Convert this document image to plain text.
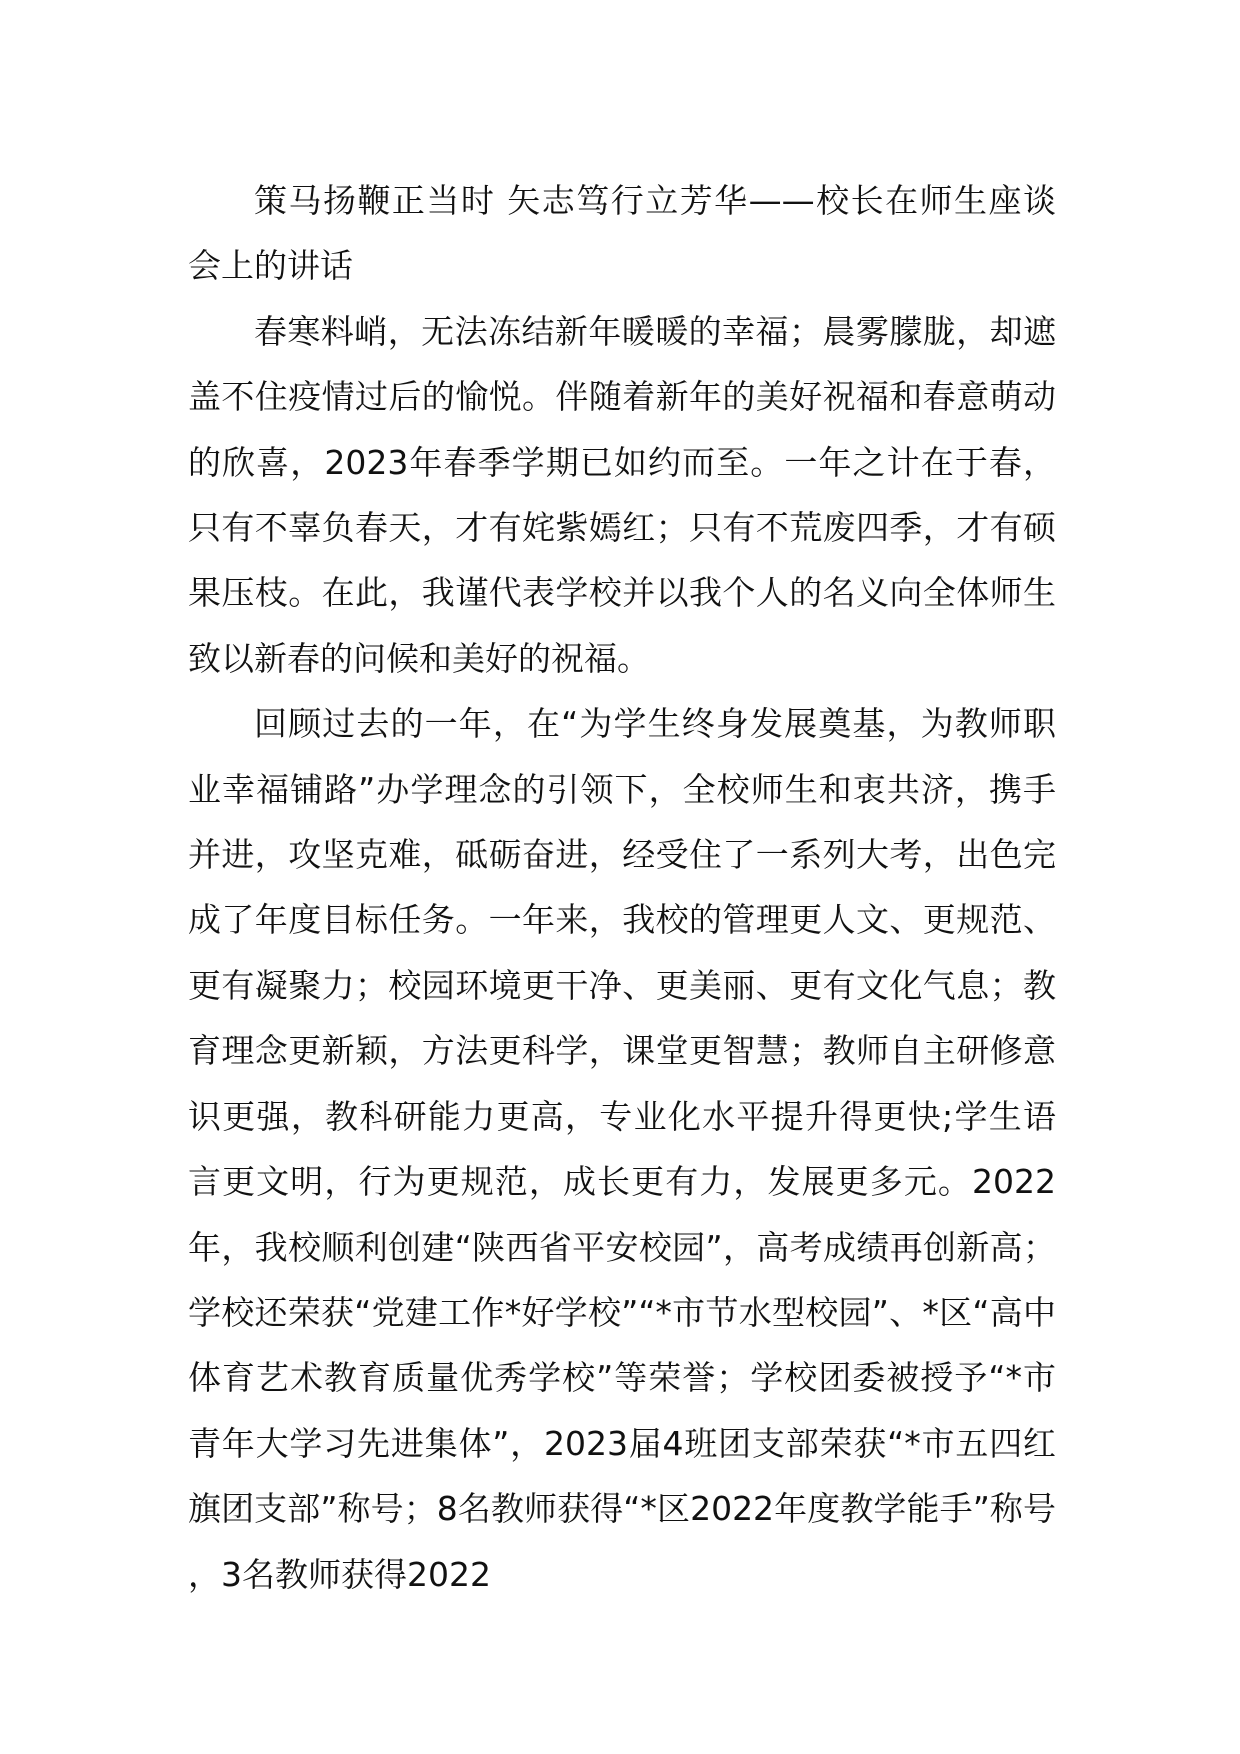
策马扬鞭正当时 矢志笃行立芳华——校长在师生座谈会上的讲话

春寒料峭，无法冻结新年暖暖的幸福；晨雾朦胧，却遮盖不住疫情过后的愉悦。伴随着新年的美好祝福和春意萌动的欣喜，2023年春季学期已如约而至。一年之计在于春，只有不辜负春天，才有姹紫嫣红；只有不荒废四季，才有硕果压枝。在此，我谨代表学校并以我个人的名义向全体师生致以新春的问候和美好的祝福。

回顾过去的一年，在“为学生终身发展奠基，为教师职业幸福铺路”办学理念的引领下，全校师生和衷共济，携手并进，攻坚克难，砥砺奋进，经受住了一系列大考，出色完成了年度目标任务。一年来，我校的管理更人文、更规范、更有凝聚力；校园环境更干净、更美丽、更有文化气息；教育理念更新颖，方法更科学，课堂更智慧；教师自主研修意识更强，教科研能力更高，专业化水平提升得更快;学生语言更文明，行为更规范，成长更有力，发展更多元。2022年，我校顺利创建“陕西省平安校园”，高考成绩再创新高；学校还荣获“党建工作*好学校”“*市节水型校园”、*区“高中体育艺术教育质量优秀学校”等荣誉；学校团委被授予“*市青年大学习先进集体”，2023届4班团支部荣获“*市五四红旗团支部”称号；8名教师获得“*区2022年度教学能手”称号，3名教师获得2022
